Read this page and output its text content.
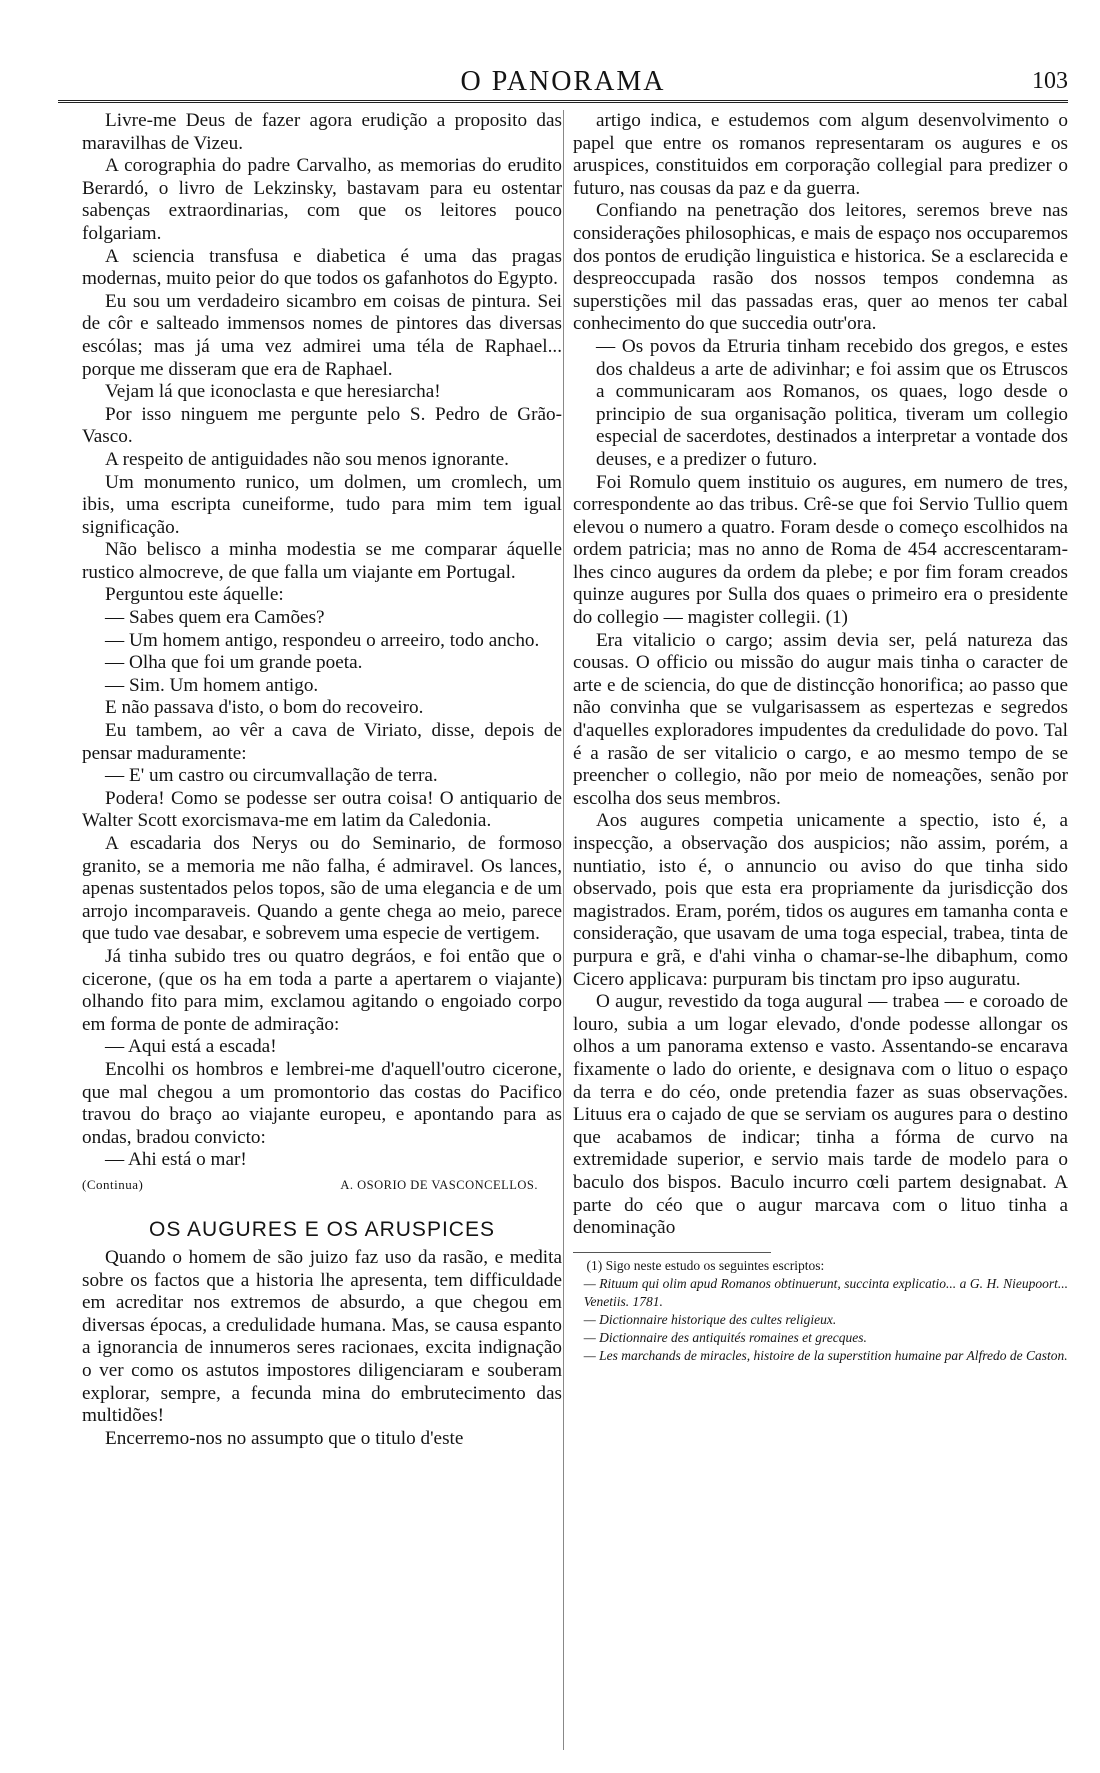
O PANORAMA	103

Livre-me Deus de fazer agora erudição a proposito das maravilhas de Vizeu.

A corographia do padre Carvalho, as memorias do erudito Berardó, o livro de Lekzinsky, bastavam para eu ostentar sabenças extraordinarias, com que os leitores pouco folgariam.

A sciencia transfusa e diabetica é uma das pragas modernas, muito peior do que todos os gafanhotos do Egypto.

Eu sou um verdadeiro sicambro em coisas de pintura. Sei de côr e salteado immensos nomes de pintores das diversas escólas; mas já uma vez admirei uma téla de Raphael... porque me disseram que era de Raphael.

Vejam lá que iconoclasta e que heresiarcha!

Por isso ninguem me pergunte pelo S. Pedro de Grão-Vasco.

A respeito de antiguidades não sou menos ignorante.

Um monumento runico, um dolmen, um cromlech, um ibis, uma escripta cuneiforme, tudo para mim tem igual significação.

Não belisco a minha modestia se me comparar áquelle rustico almocreve, de que falla um viajante em Portugal.

Perguntou este áquelle:

— Sabes quem era Camões?

— Um homem antigo, respondeu o arreeiro, todo ancho.

— Olha que foi um grande poeta.

— Sim. Um homem antigo.

E não passava d'isto, o bom do recoveiro.

Eu tambem, ao vêr a cava de Viriato, disse, depois de pensar maduramente:

— E' um castro ou circumvallação de terra.

Podera! Como se podesse ser outra coisa! O antiquario de Walter Scott exorcismava-me em latim da Caledonia.

A escadaria dos Nerys ou do Seminario, de formoso granito, se a memoria me não falha, é admiravel. Os lances, apenas sustentados pelos topos, são de uma elegancia e de um arrojo incomparaveis. Quando a gente chega ao meio, parece que tudo vae desabar, e sobrevem uma especie de vertigem.

Já tinha subido tres ou quatro degráos, e foi então que o cicerone, (que os ha em toda a parte a apertarem o viajante) olhando fito para mim, exclamou agitando o engoiado corpo em forma de ponte de admiração:

— Aqui está a escada!

Encolhi os hombros e lembrei-me d'aquell'outro cicerone, que mal chegou a um promontorio das costas do Pacifico travou do braço ao viajante europeu, e apontando para as ondas, bradou convicto:

— Ahi está o mar!

(Continua)	A. OSORIO DE VASCONCELLOS.
OS AUGURES E OS ARUSPICES

Quando o homem de são juizo faz uso da rasão, e medita sobre os factos que a historia lhe apresenta, tem difficuldade em acreditar nos extremos de absurdo, a que chegou em diversas épocas, a credulidade humana. Mas, se causa espanto a ignorancia de innumeros seres racionaes, excita indignação o ver como os astutos impostores diligenciaram e souberam explorar, sempre, a fecunda mina do embrutecimento das multidões!

Encerremo-nos no assumpto que o titulo d'este

artigo indica, e estudemos com algum desenvolvimento o papel que entre os romanos representaram os augures e os aruspices, constituidos em corporação collegial para predizer o futuro, nas cousas da paz e da guerra.

Confiando na penetração dos leitores, seremos breve nas considerações philosophicas, e mais de espaço nos occuparemos dos pontos de erudição linguistica e historica. Se a esclarecida e despreoccupada rasão dos nossos tempos condemna as superstições mil das passadas eras, quer ao menos ter cabal conhecimento do que succedia outr'ora.

— Os povos da Etruria tinham recebido dos gregos, e estes dos chaldeus a arte de adivinhar; e foi assim que os Etruscos a communicaram aos Romanos, os quaes, logo desde o principio de sua organisação politica, tiveram um collegio especial de sacerdotes, destinados a interpretar a vontade dos deuses, e a predizer o futuro.

Foi Romulo quem instituio os augures, em numero de tres, correspondente ao das tribus. Crê-se que foi Servio Tullio quem elevou o numero a quatro. Foram desde o começo escolhidos na ordem patricia; mas no anno de Roma de 454 accrescentaram-lhes cinco augures da ordem da plebe; e por fim foram creados quinze augures por Sulla dos quaes o primeiro era o presidente do collegio — magister collegii. (1)

Era vitalicio o cargo; assim devia ser, pelá natureza das cousas. O officio ou missão do augur mais tinha o caracter de arte e de sciencia, do que de distincção honorifica; ao passo que não convinha que se vulgarisassem as espertezas e segredos d'aquelles exploradores impudentes da credulidade do povo. Tal é a rasão de ser vitalicio o cargo, e ao mesmo tempo de se preencher o collegio, não por meio de nomeações, senão por escolha dos seus membros.

Aos augures competia unicamente a spectio, isto é, a inspecção, a observação dos auspicios; não assim, porém, a nuntiatio, isto é, o annuncio ou aviso do que tinha sido observado, pois que esta era propriamente da jurisdicção dos magistrados. Eram, porém, tidos os augures em tamanha conta e consideração, que usavam de uma toga especial, trabea, tinta de purpura e grã, e d'ahi vinha o chamar-se-lhe dibaphum, como Cicero applicava: purpuram bis tinctam pro ipso auguratu.

O augur, revestido da toga augural — trabea — e coroado de louro, subia a um logar elevado, d'onde podesse allongar os olhos a um panorama extenso e vasto. Assentando-se encarava fixamente o lado do oriente, e designava com o lituo o espaço da terra e do céo, onde pretendia fazer as suas observações. Lituus era o cajado de que se serviam os augures para o destino que acabamos de indicar; tinha a fórma de curvo na extremidade superior, e servio mais tarde de modelo para o baculo dos bispos. Baculo incurro cœli partem designabat. A parte do céo que o augur marcava com o lituo tinha a denominação

(1) Sigo neste estudo os seguintes escriptos:

— Rituum qui olim apud Romanos obtinuerunt, succinta explicatio... a G. H. Nieupoort... Venetiis. 1781.

— Dictionnaire historique des cultes religieux.

— Dictionnaire des antiquités romaines et grecques.

— Les marchands de miracles, histoire de la superstition humaine par Alfredo de Caston.
